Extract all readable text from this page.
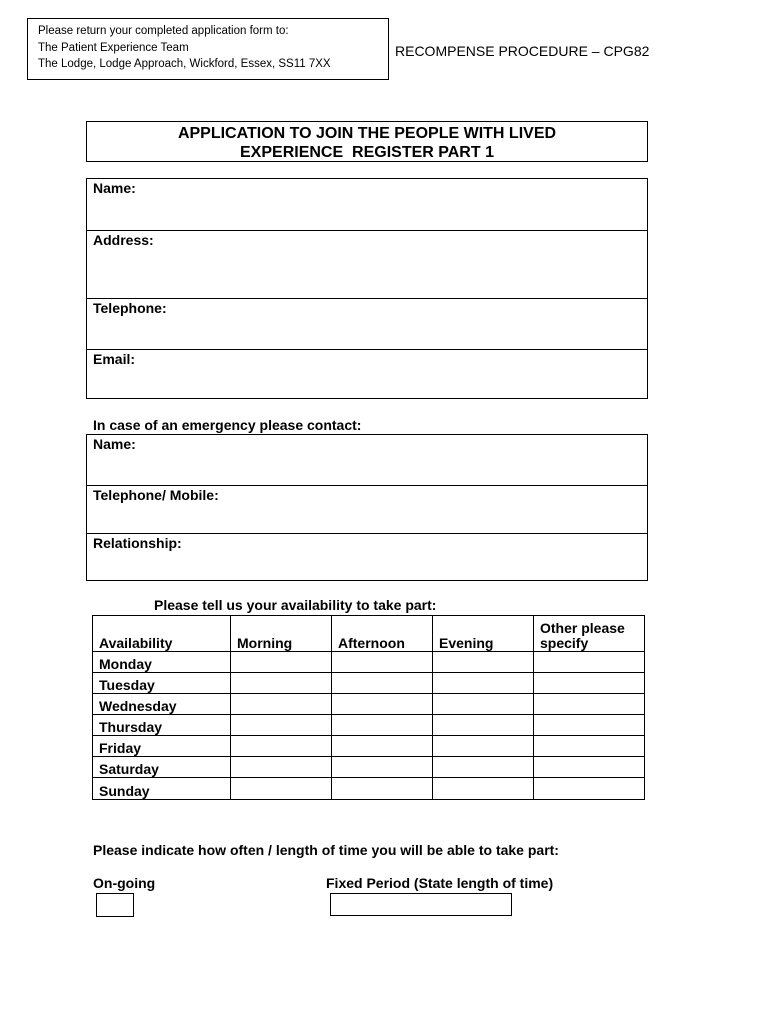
Please return your completed application form to:
The Patient Experience Team
The Lodge, Lodge Approach, Wickford, Essex, SS11 7XX
RECOMPENSE PROCEDURE – CPG82
APPLICATION TO JOIN THE PEOPLE WITH LIVED
EXPERIENCE  REGISTER PART 1
Name:
Address:
Telephone:
Email:
In case of an emergency please contact:
Name:
Telephone/ Mobile:
Relationship:
Please tell us your availability to take part:
Availability	Morning	Afternoon	Evening	Other please specify
Monday				
Tuesday				
Wednesday				
Thursday				
Friday				
Saturday				
Sunday				
Please indicate how often / length of time you will be able to take part:
On-going	Fixed Period (State length of time)
